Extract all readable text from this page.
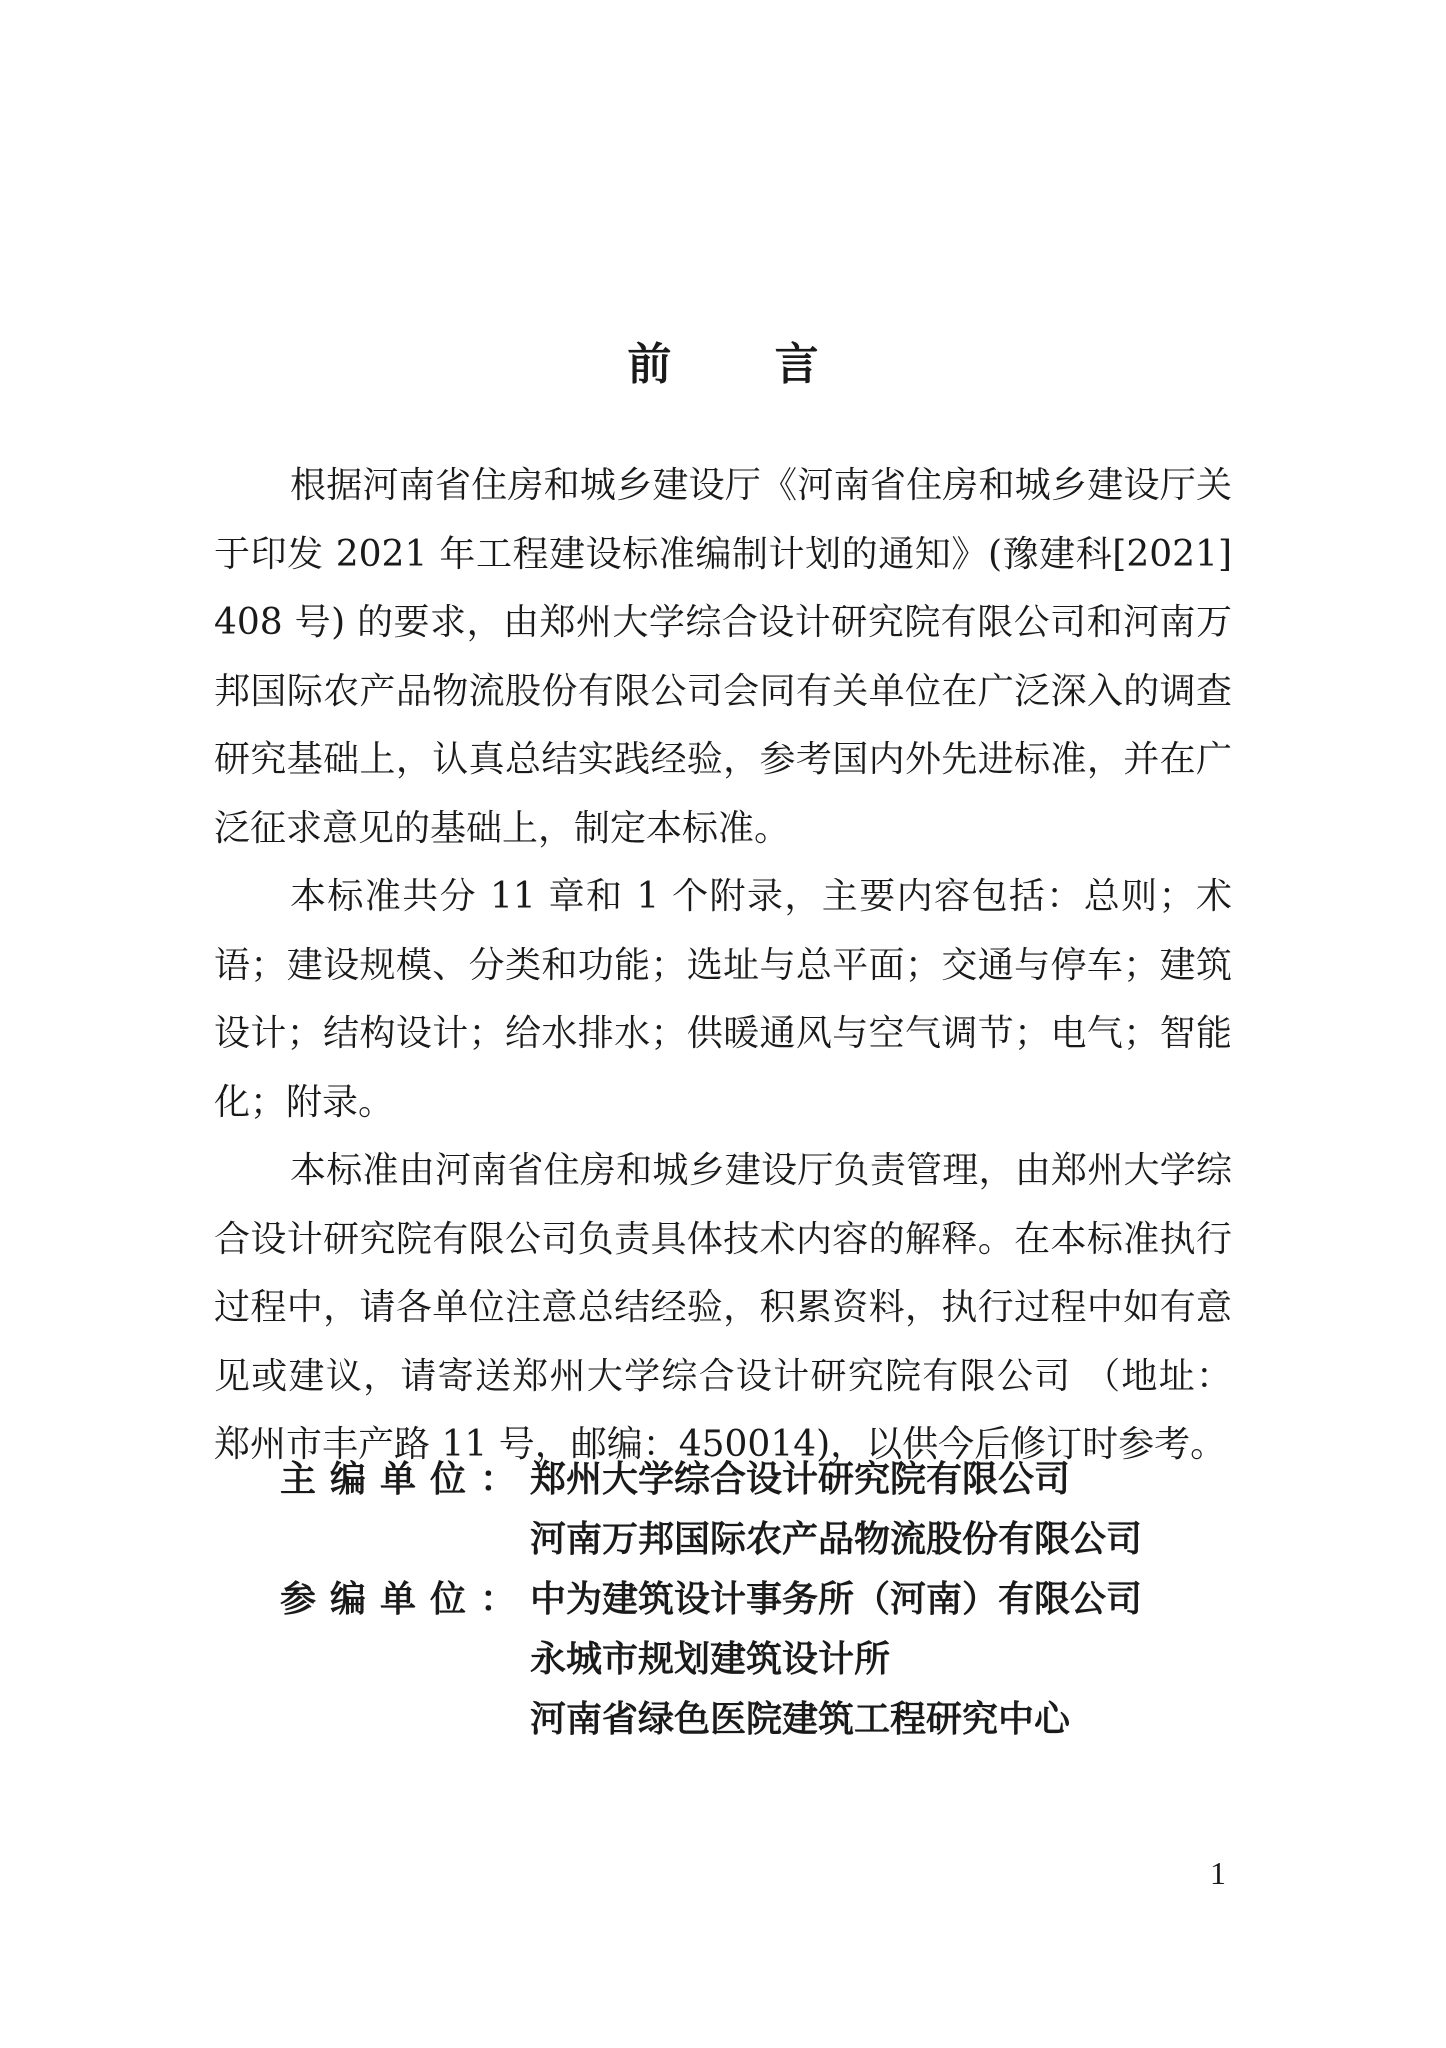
前 言

根据河南省住房和城乡建设厅《河南省住房和城乡建设厅关于印发 2021 年工程建设标准编制计划的通知》(豫建科[2021] 408 号) 的要求，由郑州大学综合设计研究院有限公司和河南万邦国际农产品物流股份有限公司会同有关单位在广泛深入的调查研究基础上，认真总结实践经验，参考国内外先进标准，并在广泛征求意见的基础上，制定本标准。

本标准共分 11 章和 1 个附录，主要内容包括：总则；术语；建设规模、分类和功能；选址与总平面；交通与停车；建筑设计；结构设计；给水排水；供暖通风与空气调节；电气；智能化；附录。

本标准由河南省住房和城乡建设厅负责管理，由郑州大学综合设计研究院有限公司负责具体技术内容的解释。在本标准执行过程中，请各单位注意总结经验，积累资料，执行过程中如有意见或建议，请寄送郑州大学综合设计研究院有限公司 （地址：郑州市丰产路 11 号，邮编：450014)，以供今后修订时参考。

主编单位： 郑州大学综合设计研究院有限公司
河南万邦国际农产品物流股份有限公司
参编单位： 中为建筑设计事务所（河南）有限公司
永城市规划建筑设计所
河南省绿色医院建筑工程研究中心
1
